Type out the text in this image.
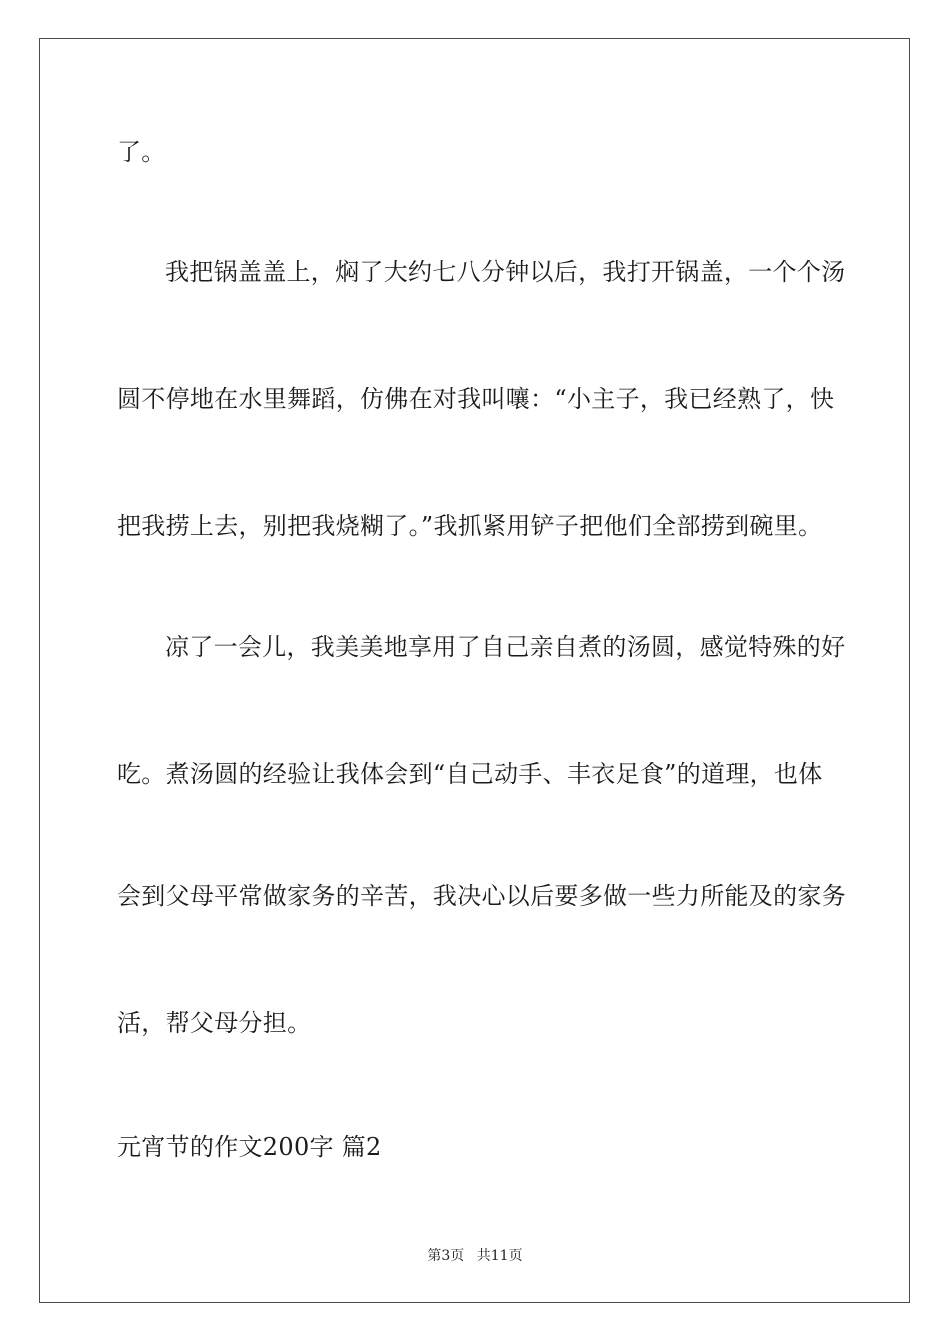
了。
我把锅盖盖上，焖了大约七八分钟以后，我打开锅盖，一个个汤
圆不停地在水里舞蹈，仿佛在对我叫嚷：“小主子，我已经熟了，快
把我捞上去，别把我烧糊了。”我抓紧用铲子把他们全部捞到碗里。
凉了一会儿，我美美地享用了自己亲自煮的汤圆，感觉特殊的好
吃。煮汤圆的经验让我体会到“自己动手、丰衣足食”的道理，也体
会到父母平常做家务的辛苦，我决心以后要多做一些力所能及的家务
活，帮父母分担。
元宵节的作文200字 篇2
第3页 共11页
